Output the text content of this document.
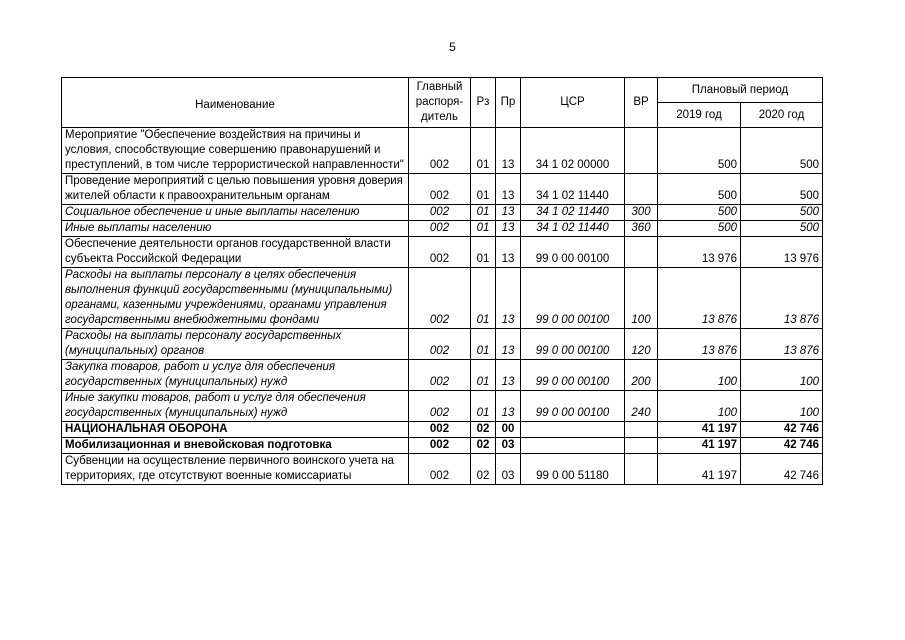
5
Наименование	Главный распоря-дитель	Рз	Пр	ЦСР	ВР	Плановый период	
						2019 год	2020 год
Мероприятие "Обеспечение воздействия на причины и условия, способствующие совершению правонарушений и преступлений, в том числе террористической направленности"	002	01	13	34 1 02 00000		500	500
Проведение мероприятий с целью повышения уровня доверия жителей области к правоохранительным органам	002	01	13	34 1 02 11440		500	500
Социальное обеспечение и иные выплаты населению	002	01	13	34 1 02 11440	300	500	500
Иные выплаты населению	002	01	13	34 1 02 11440	360	500	500
Обеспечение деятельности органов государственной власти субъекта Российской Федерации	002	01	13	99 0 00 00100		13 976	13 976
Расходы на выплаты персоналу в целях обеспечения выполнения функций государственными (муниципальными) органами, казенными учреждениями, органами управления государственными внебюджетными фондами	002	01	13	99 0 00 00100	100	13 876	13 876
Расходы на выплаты персоналу государственных (муниципальных) органов	002	01	13	99 0 00 00100	120	13 876	13 876
Закупка товаров, работ и услуг для обеспечения государственных (муниципальных) нужд	002	01	13	99 0 00 00100	200	100	100
Иные закупки товаров, работ и услуг для обеспечения государственных (муниципальных) нужд	002	01	13	99 0 00 00100	240	100	100
НАЦИОНАЛЬНАЯ ОБОРОНА	002	02	00			41 197	42 746
Мобилизационная и вневойсковая подготовка	002	02	03			41 197	42 746
Субвенции на осуществление первичного воинского учета на территориях, где отсутствуют военные комиссариаты	002	02	03	99 0 00 51180		41 197	42 746
